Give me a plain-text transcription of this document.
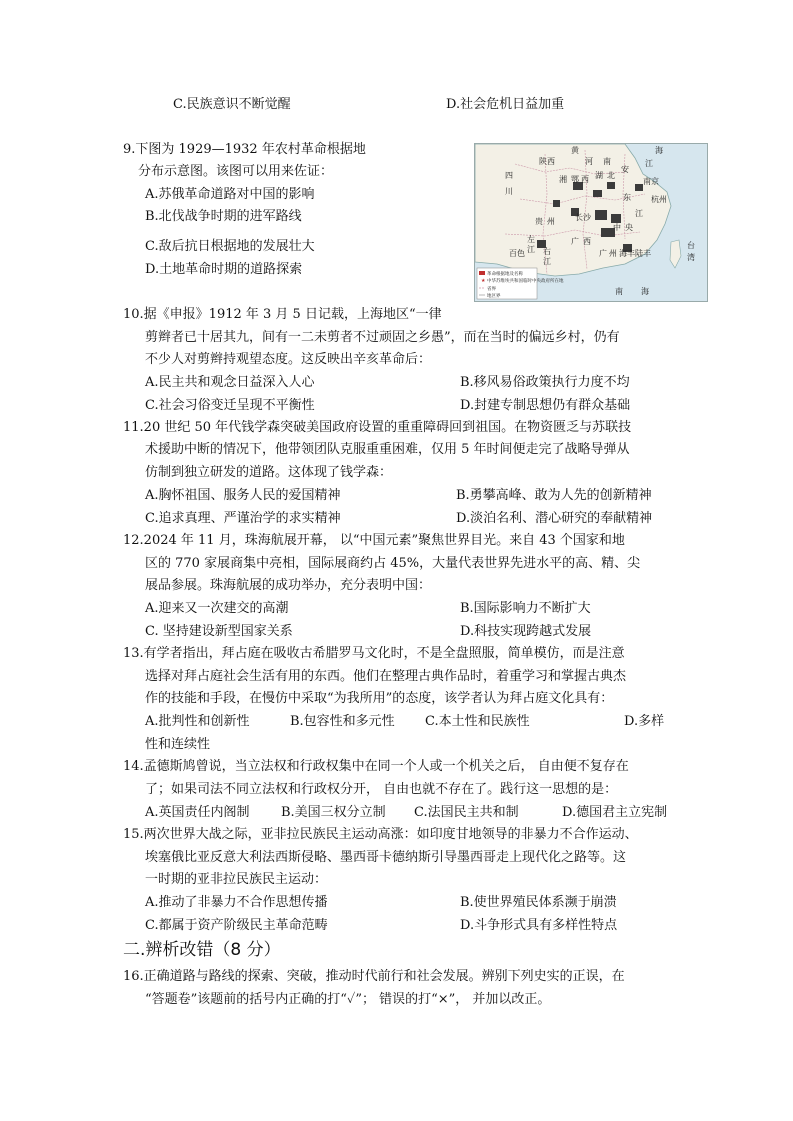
C.民族意识不断觉醒	D.社会危机日益加重
9.下图为 1929—1932 年农村革命根据地
分布示意图。该图可以用来佐证：
A.苏俄革命道路对中国的影响
B.北伐战争时期的进军路线
C.敌后抗日根据地的发展壮大
D.土地革命时期的道路探索
黄	海
陕西	河 南
安
江
四
川
湘 鄂 西 湖 北
南京
杭州
长沙
中 央
江
贵 州
广 西
左
江
百色 右
江
广 州 海 丰 陆 丰
台
湾
南 海
东
革命根据地及名称
★ 中华苏维埃共和国临时中央政府所在地
省界
地区界
10.据《申报》1912 年 3 月 5 日记载，上海地区“一律
剪辫者已十居其九，间有一二未剪者不过顽固之乡愚”，而在当时的偏远乡村，仍有
不少人对剪辫持观望态度。这反映出辛亥革命后：
A.民主共和观念日益深入人心	B.移风易俗政策执行力度不均
C.社会习俗变迁呈现不平衡性	D.封建专制思想仍有群众基础
11.20 世纪 50 年代钱学森突破美国政府设置的重重障碍回到祖国。在物资匮乏与苏联技
术援助中断的情况下，他带领团队克服重重困难，仅用 5 年时间便走完了战略导弹从
仿制到独立研发的道路。这体现了钱学森：
A.胸怀祖国、服务人民的爱国精神	B.勇攀高峰、敢为人先的创新精神
C.追求真理、严谨治学的求实精神	D.淡泊名利、潜心研究的奉献精神
12.2024 年 11 月，珠海航展开幕， 以“中国元素”聚焦世界目光。来自 43 个国家和地
区的 770 家展商集中亮相，国际展商约占 45%，大量代表世界先进水平的高、精、尖
展品参展。珠海航展的成功举办，充分表明中国：
A.迎来又一次建交的高潮	B.国际影响力不断扩大
C. 坚持建设新型国家关系	D.科技实现跨越式发展
13.有学者指出，拜占庭在吸收古希腊罗马文化时，不是全盘照服，简单模仿，而是注意
选择对拜占庭社会生活有用的东西。他们在整理古典作品时，着重学习和掌握古典杰
作的技能和手段，在慢仿中采取“为我所用”的态度，该学者认为拜占庭文化具有：
A.批判性和创新性	B.包容性和多元性 C.本土性和民族性	D.多样
性和连续性
14.孟德斯鸠曾说，当立法权和行政权集中在同一个人或一个机关之后， 自由便不复存在
了；如果司法不同立法权和行政权分开， 自由也就不存在了。践行这一思想的是：
A.英国责任内阁制 B.美国三权分立制 C.法国民主共和制	D.德国君主立宪制
15.两次世界大战之际，亚非拉民族民主运动高涨：如印度甘地领导的非暴力不合作运动、
埃塞俄比亚反意大利法西斯侵略、墨西哥卡德纳斯引导墨西哥走上现代化之路等。这
一时期的亚非拉民族民主运动：
A.推动了非暴力不合作思想传播	B.使世界殖民体系濒于崩溃
C.都属于资产阶级民主革命范畴	D.斗争形式具有多样性特点
二.辨析改错（8 分）
16.正确道路与路线的探索、突破，推动时代前行和社会发展。辨别下列史实的正误，在
“答题卷”该题前的括号内正确的打“✓”； 错误的打“×”， 并加以改正。
